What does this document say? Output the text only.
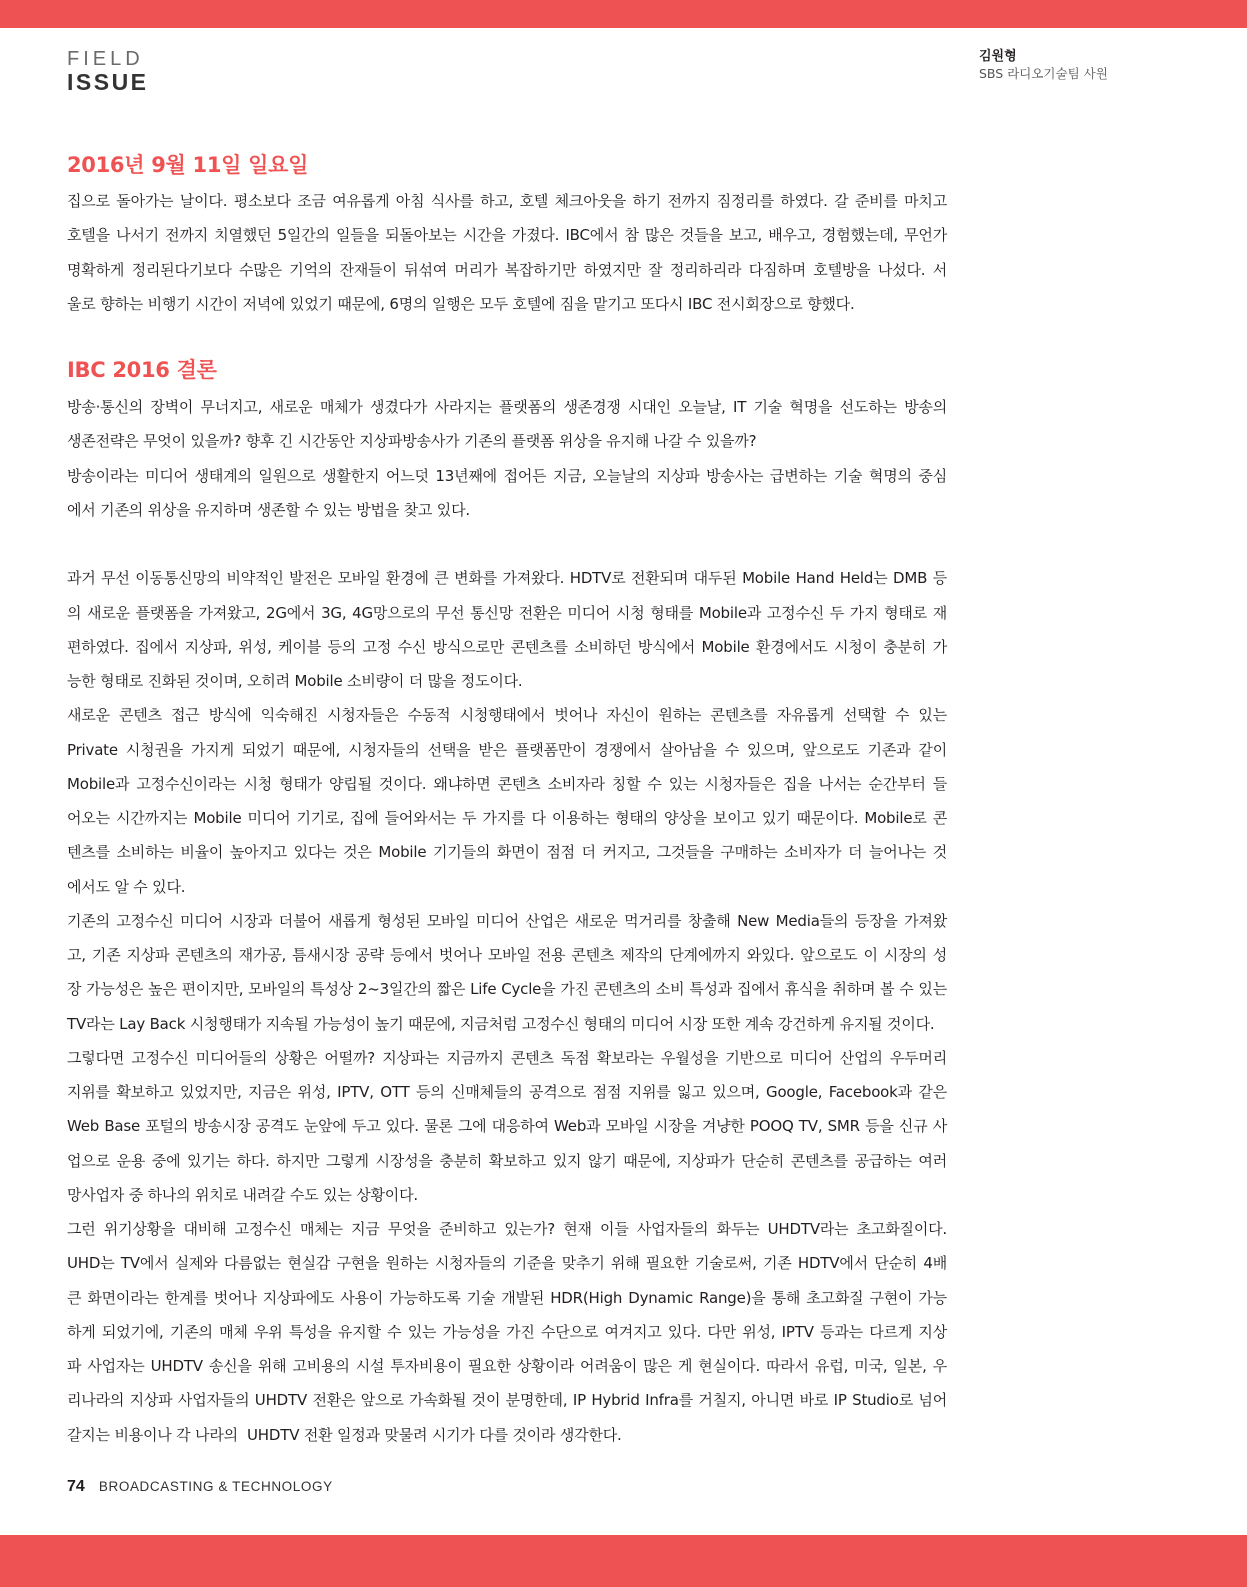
FIELD
ISSUE
김원형
SBS 라디오기술팀 사원
2016년 9월 11일 일요일
집으로 돌아가는 날이다. 평소보다 조금 여유롭게 아침 식사를 하고, 호텔 체크아웃을 하기 전까지 짐정리를 하였다. 갈 준비를 마치고
호텔을 나서기 전까지 치열했던 5일간의 일들을 되돌아보는 시간을 가졌다. IBC에서 참 많은 것들을 보고, 배우고, 경험했는데, 무언가
명확하게 정리된다기보다 수많은 기억의 잔재들이 뒤섞여 머리가 복잡하기만 하였지만 잘 정리하리라 다짐하며 호텔방을 나섰다. 서
울로 향하는 비행기 시간이 저녁에 있었기 때문에, 6명의 일행은 모두 호텔에 짐을 맡기고 또다시 IBC 전시회장으로 향했다.
IBC 2016 결론
방송·통신의 장벽이 무너지고, 새로운 매체가 생겼다가 사라지는 플랫폼의 생존경쟁 시대인 오늘날, IT 기술 혁명을 선도하는 방송의
생존전략은 무엇이 있을까? 향후 긴 시간동안 지상파방송사가 기존의 플랫폼 위상을 유지해 나갈 수 있을까?
방송이라는 미디어 생태계의 일원으로 생활한지 어느덧 13년째에 접어든 지금, 오늘날의 지상파 방송사는 급변하는 기술 혁명의 중심
에서 기존의 위상을 유지하며 생존할 수 있는 방법을 찾고 있다.
과거 무선 이동통신망의 비약적인 발전은 모바일 환경에 큰 변화를 가져왔다. HDTV로 전환되며 대두된 Mobile Hand Held는 DMB 등
의 새로운 플랫폼을 가져왔고, 2G에서 3G, 4G망으로의 무선 통신망 전환은 미디어 시청 형태를 Mobile과 고정수신 두 가지 형태로 재
편하였다. 집에서 지상파, 위성, 케이블 등의 고정 수신 방식으로만 콘텐츠를 소비하던 방식에서 Mobile 환경에서도 시청이 충분히 가
능한 형태로 진화된 것이며, 오히려 Mobile 소비량이 더 많을 정도이다.
새로운 콘텐츠 접근 방식에 익숙해진 시청자들은 수동적 시청행태에서 벗어나 자신이 원하는 콘텐츠를 자유롭게 선택할 수 있는
Private 시청권을 가지게 되었기 때문에, 시청자들의 선택을 받은 플랫폼만이 경쟁에서 살아남을 수 있으며, 앞으로도 기존과 같이
Mobile과 고정수신이라는 시청 형태가 양립될 것이다. 왜냐하면 콘텐츠 소비자라 칭할 수 있는 시청자들은 집을 나서는 순간부터 들
어오는 시간까지는 Mobile 미디어 기기로, 집에 들어와서는 두 가지를 다 이용하는 형태의 양상을 보이고 있기 때문이다. Mobile로 콘
텐츠를 소비하는 비율이 높아지고 있다는 것은 Mobile 기기들의 화면이 점점 더 커지고, 그것들을 구매하는 소비자가 더 늘어나는 것
에서도 알 수 있다.
기존의 고정수신 미디어 시장과 더불어 새롭게 형성된 모바일 미디어 산업은 새로운 먹거리를 창출해 New Media들의 등장을 가져왔
고, 기존 지상파 콘텐츠의 재가공, 틈새시장 공략 등에서 벗어나 모바일 전용 콘텐츠 제작의 단계에까지 와있다. 앞으로도 이 시장의 성
장 가능성은 높은 편이지만, 모바일의 특성상 2~3일간의 짧은 Life Cycle을 가진 콘텐츠의 소비 특성과 집에서 휴식을 취하며 볼 수 있는
TV라는 Lay Back 시청행태가 지속될 가능성이 높기 때문에, 지금처럼 고정수신 형태의 미디어 시장 또한 계속 강건하게 유지될 것이다.
그렇다면 고정수신 미디어들의 상황은 어떨까? 지상파는 지금까지 콘텐츠 독점 확보라는 우월성을 기반으로 미디어 산업의 우두머리
지위를 확보하고 있었지만, 지금은 위성, IPTV, OTT 등의 신매체들의 공격으로 점점 지위를 잃고 있으며, Google, Facebook과 같은
Web Base 포털의 방송시장 공격도 눈앞에 두고 있다. 물론 그에 대응하여 Web과 모바일 시장을 겨냥한 POOQ TV, SMR 등을 신규 사
업으로 운용 중에 있기는 하다. 하지만 그렇게 시장성을 충분히 확보하고 있지 않기 때문에, 지상파가 단순히 콘텐츠를 공급하는 여러
망사업자 중 하나의 위치로 내려갈 수도 있는 상황이다.
그런 위기상황을 대비해 고정수신 매체는 지금 무엇을 준비하고 있는가? 현재 이들 사업자들의 화두는 UHDTV라는 초고화질이다.
UHD는 TV에서 실제와 다름없는 현실감 구현을 원하는 시청자들의 기준을 맞추기 위해 필요한 기술로써, 기존 HDTV에서 단순히 4배
큰 화면이라는 한계를 벗어나 지상파에도 사용이 가능하도록 기술 개발된 HDR(High Dynamic Range)을 통해 초고화질 구현이 가능
하게 되었기에, 기존의 매체 우위 특성을 유지할 수 있는 가능성을 가진 수단으로 여겨지고 있다. 다만 위성, IPTV 등과는 다르게 지상
파 사업자는 UHDTV 송신을 위해 고비용의 시설 투자비용이 필요한 상황이라 어려움이 많은 게 현실이다. 따라서 유럽, 미국, 일본, 우
리나라의 지상파 사업자들의 UHDTV 전환은 앞으로 가속화될 것이 분명한데, IP Hybrid Infra를 거칠지, 아니면 바로 IP Studio로 넘어
갈지는 비용이나 각 나라의  UHDTV 전환 일정과 맞물려 시기가 다를 것이라 생각한다.
74 BROADCASTING & TECHNOLOGY
